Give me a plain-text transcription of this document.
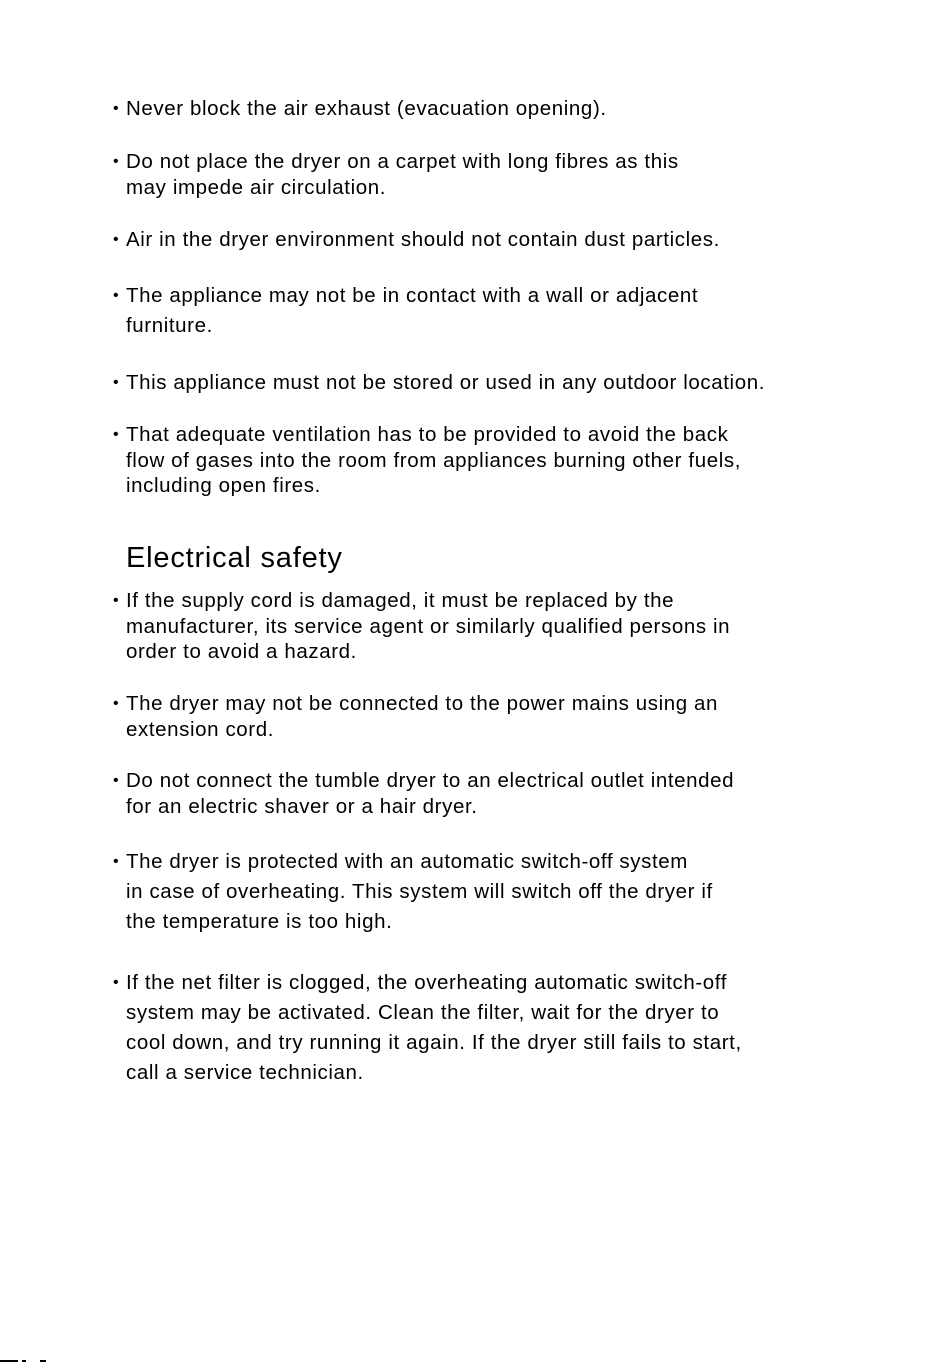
• Never block the air exhaust (evacuation opening).
• Do not place the dryer on a carpet with long fibres as this
may impede air circulation.
• Air in the dryer environment should not contain dust particles.
• The appliance may not be in contact with a wall or adjacent
furniture.
• This appliance must not be stored or used in any outdoor location.
• That adequate ventilation has to be provided to avoid the back
flow of gases into the room from appliances burning other fuels,
including open fires.
Electrical safety
• If the supply cord is damaged, it must be replaced by the
manufacturer, its service agent or similarly qualified persons in
order to avoid a hazard.
• The dryer may not be connected to the power mains using an
extension cord.
• Do not connect the tumble dryer to an electrical outlet intended
for an electric shaver or a hair dryer.
• The dryer is protected with an automatic switch-off system
in case of overheating. This system will switch off the dryer if
the temperature is too high.
• If the net filter is clogged, the overheating automatic switch-off
system may be activated. Clean the filter, wait for the dryer to
cool down, and try running it again. If the dryer still fails to start,
call a service technician.
